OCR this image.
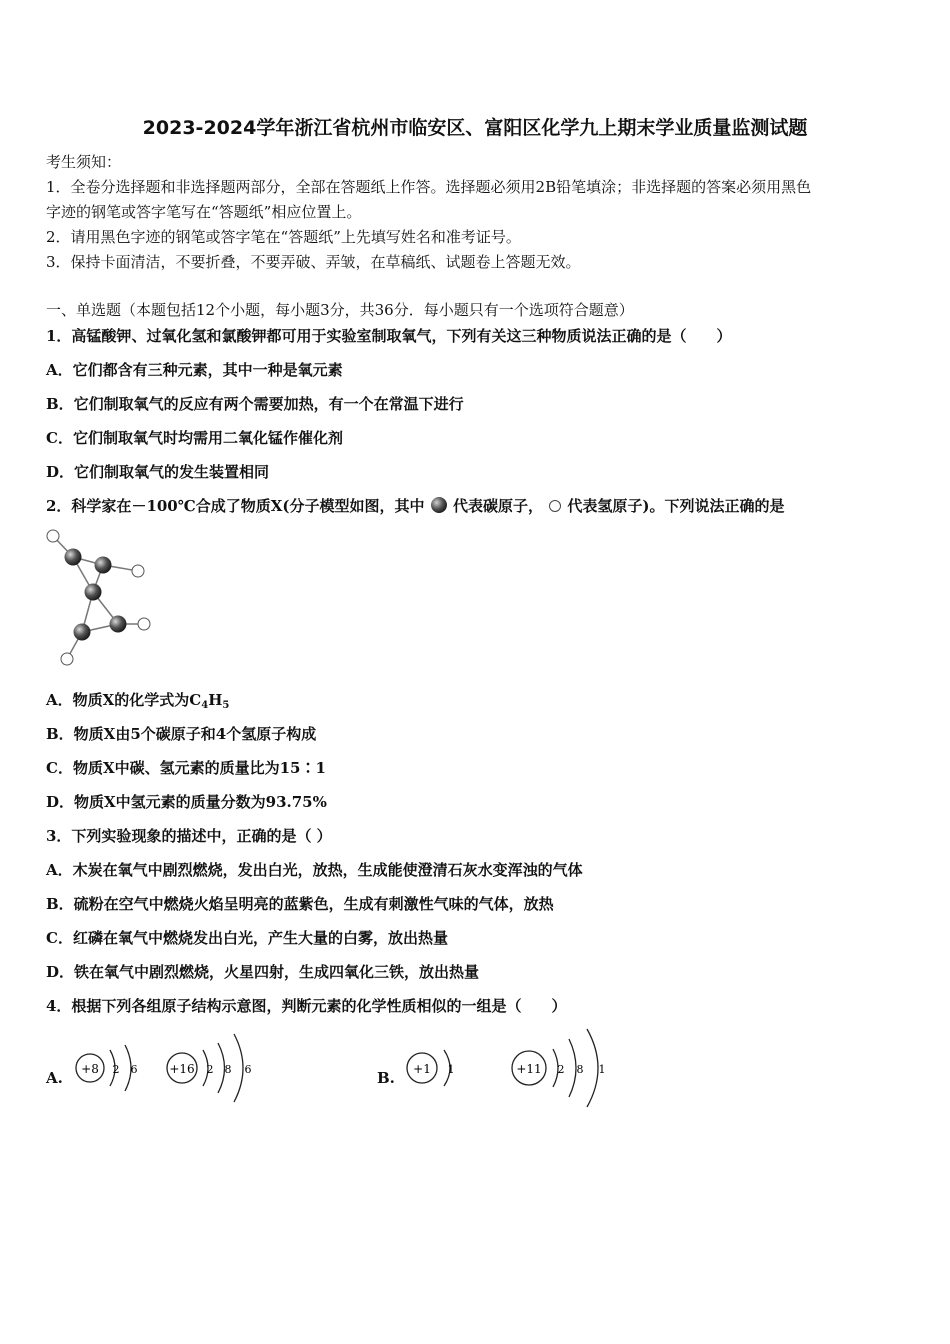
2023-2024学年浙江省杭州市临安区、富阳区化学九上期末学业质量监测试题
考生须知：
1．全卷分选择题和非选择题两部分，全部在答题纸上作答。选择题必须用2B铅笔填涂；非选择题的答案必须用黑色
字迹的钢笔或答字笔写在“答题纸”相应位置上。
2．请用黑色字迹的钢笔或答字笔在“答题纸”上先填写姓名和准考证号。
3．保持卡面清洁，不要折叠，不要弄破、弄皱，在草稿纸、试题卷上答题无效。
一、单选题（本题包括12个小题，每小题3分，共36分．每小题只有一个选项符合题意）
1．高锰酸钾、过氧化氢和氯酸钾都可用于实验室制取氧气，下列有关这三种物质说法正确的是（　　）
A．它们都含有三种元素，其中一种是氧元素
B．它们制取氧气的反应有两个需要加热，有一个在常温下进行
C．它们制取氧气时均需用二氧化锰作催化剂
D．它们制取氧气的发生装置相同
2．科学家在－100℃合成了物质X(分子模型如图，其中 代表碳原子， 代表氢原子)。下列说法正确的是
A．物质X的化学式为$C_4H_5$
B．物质X由5个碳原子和4个氢原子构成
C．物质X中碳、氢元素的质量比为15∶1
D．物质X中氢元素的质量分数为93.75%
3．下列实验现象的描述中，正确的是（ ）
A．木炭在氧气中剧烈燃烧，发出白光，放热，生成能使澄清石灰水变浑浊的气体
B．硫粉在空气中燃烧火焰呈明亮的蓝紫色，生成有刺激性气味的气体，放热
C．红磷在氧气中燃烧发出白光，产生大量的白雾，放出热量
D．铁在氧气中剧烈燃烧，火星四射，生成四氧化三铁，放出热量
4．根据下列各组原子结构示意图，判断元素的化学性质相似的一组是（　　）
A.	B.
+8 2 6	+16 2 8 6	+1 1	+11 2 8 1
